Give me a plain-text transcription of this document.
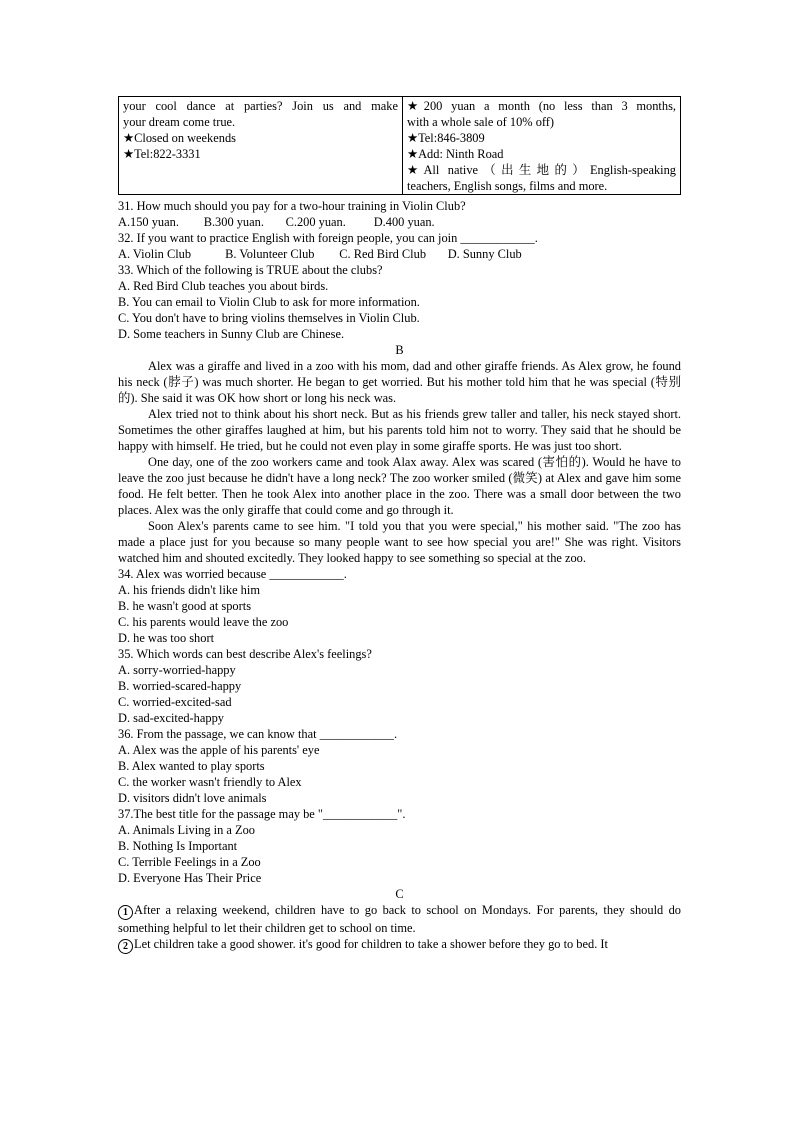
your cool dance at parties? Join us and make
your dream come true.
★Closed on weekends
★Tel:822-3331

★200 yuan a month (no less than 3 months,
with a whole sale of 10% off)
★Tel:846-3809
★Add: Ninth Road
★All native（出生地的）English-speaking
teachers, English songs, films and more.
31. How much should you pay for a two-hour training in Violin Club?
A.150 yuan.        B.300 yuan.       C.200 yuan.         D.400 yuan.
32. If you want to practice English with foreign people, you can join ____________.
A. Violin Club           B. Volunteer Club        C. Red Bird Club       D. Sunny Club
33. Which of the following is TRUE about the clubs?
A. Red Bird Club teaches you about birds.
B. You can email to Violin Club to ask for more information.
C. You don't have to bring violins themselves in Violin Club.
D. Some teachers in Sunny Club are Chinese.
B

Alex was a giraffe and lived in a zoo with his mom, dad and other giraffe friends. As Alex grow, he found his neck (脖子) was much shorter. He began to get worried. But his mother told him that he was special (特别的). She said it was OK how short or long his neck was.

Alex tried not to think about his short neck. But as his friends grew taller and taller, his neck stayed short. Sometimes the other giraffes laughed at him, but his parents told him not to worry. They said that he should be happy with himself. He tried, but he could not even play in some giraffe sports. He was just too short.

One day, one of the zoo workers came and took Alax away. Alex was scared (害怕的). Would he have to leave the zoo just because he didn't have a long neck? The zoo worker smiled (微笑) at Alex and gave him some food. He felt better. Then he took Alex into another place in the zoo. There was a small door between the two places. Alex was the only giraffe that could come and go through it.

Soon Alex's parents came to see him. "I told you that you were special," his mother said. "The zoo has made a place just for you because so many people want to see how special you are!" She was right. Visitors watched him and shouted excitedly. They looked happy to see something so special at the zoo.

34. Alex was worried because ____________.
A. his friends didn't like him
B. he wasn't good at sports
C. his parents would leave the zoo
D. he was too short
35. Which words can best describe Alex's feelings?
A. sorry-worried-happy
B. worried-scared-happy
C. worried-excited-sad
D. sad-excited-happy
36. From the passage, we can know that ____________.
A. Alex was the apple of his parents' eye
B. Alex wanted to play sports
C. the worker wasn't friendly to Alex
D. visitors didn't love animals
37.The best title for the passage may be "____________".
A. Animals Living in a Zoo
B. Nothing Is Important
C. Terrible Feelings in a Zoo
D. Everyone Has Their Price
C

1 After a relaxing weekend, children have to go back to school on Mondays. For parents, they should do something helpful to let their children get to school on time.

2 Let children take a good shower. it's good for children to take a shower before they go to bed. It
